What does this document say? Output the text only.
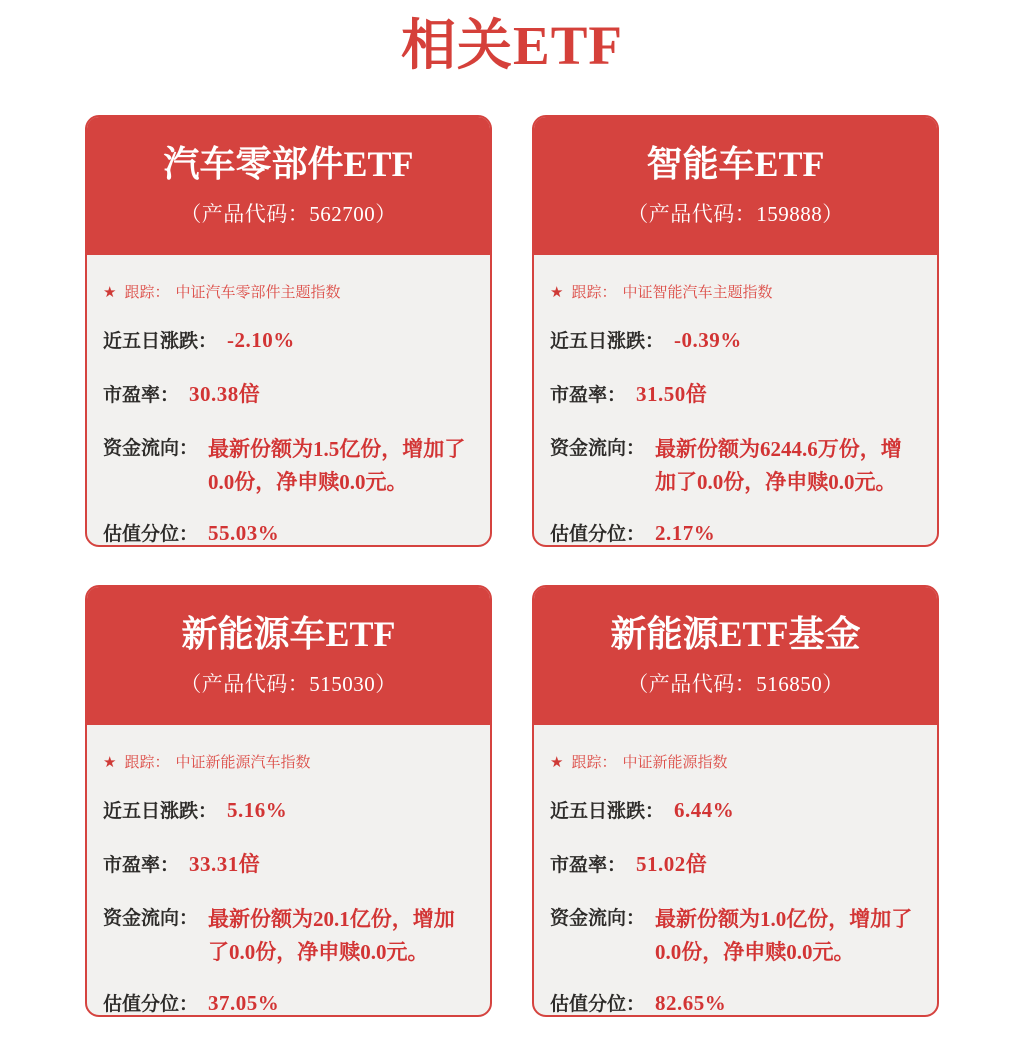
相关ETF
汽车零部件ETF
（产品代码：562700）
★ 跟踪： 中证汽车零部件主题指数
近五日涨跌： -2.10%
市盈率： 30.38倍
资金流向： 最新份额为1.5亿份，增加了0.0份，净申赎0.0元。
估值分位： 55.03%
智能车ETF
（产品代码：159888）
★ 跟踪： 中证智能汽车主题指数
近五日涨跌： -0.39%
市盈率： 31.50倍
资金流向： 最新份额为6244.6万份，增加了0.0份，净申赎0.0元。
估值分位： 2.17%
新能源车ETF
（产品代码：515030）
★ 跟踪： 中证新能源汽车指数
近五日涨跌： 5.16%
市盈率： 33.31倍
资金流向： 最新份额为20.1亿份，增加了0.0份，净申赎0.0元。
估值分位： 37.05%
新能源ETF基金
（产品代码：516850）
★ 跟踪： 中证新能源指数
近五日涨跌： 6.44%
市盈率： 51.02倍
资金流向： 最新份额为1.0亿份，增加了0.0份，净申赎0.0元。
估值分位： 82.65%
